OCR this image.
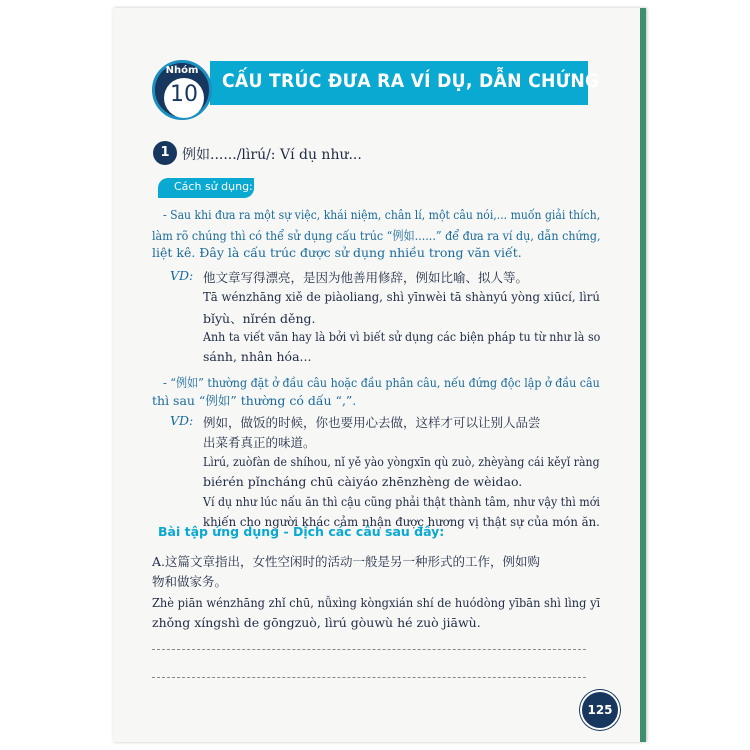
CẤU TRÚC ĐƯA RA VÍ DỤ, DẪN CHỨNG
Nhóm
10
1 例如....../lìrú/: Ví dụ như...
Cách sử dụng:
- Sau khi đưa ra một sự việc, khái niệm, chân lí, một câu nói,... muốn giải thích,
làm rõ chúng thì có thể sử dụng cấu trúc “例如......” để đưa ra ví dụ, dẫn chứng,
liệt kê. Đây là cấu trúc được sử dụng nhiều trong văn viết.
VD: 他文章写得漂亮，是因为他善用修辞，例如比喻、拟人等。
Tā wénzhāng xiě de piàoliang, shì yīnwèi tā shànyú yòng xiūcí, lìrú
bǐyù、nǐrén děng.
Anh ta viết văn hay là bởi vì biết sử dụng các biện pháp tu từ như là so
sánh, nhân hóa...
- “例如” thường đặt ở đầu câu hoặc đầu phân câu, nếu đứng độc lập ở đầu câu
thì sau “例如” thường có dấu “,”.
VD: 例如，做饭的时候，你也要用心去做，这样才可以让别人品尝
出菜肴真正的味道。
Lìrú, zuòfàn de shíhou, nǐ yě yào yòngxīn qù zuò, zhèyàng cái kěyǐ ràng
biérén pǐncháng chū càiyáo zhēnzhèng de wèidao.
Ví dụ như lúc nấu ăn thì cậu cũng phải thật thành tâm, như vậy thì mới
khiến cho người khác cảm nhận được hương vị thật sự của món ăn.
Bài tập ứng dụng - Dịch các câu sau đây:
A.这篇文章指出，女性空闲时的活动一般是另一种形式的工作，例如购
物和做家务。
Zhè piān wénzhāng zhǐ chū, nǚxìng kòngxián shí de huódòng yībān shì lìng yī
zhǒng xíngshì de gōngzuò, lìrú gòuwù hé zuò jiāwù.
125
